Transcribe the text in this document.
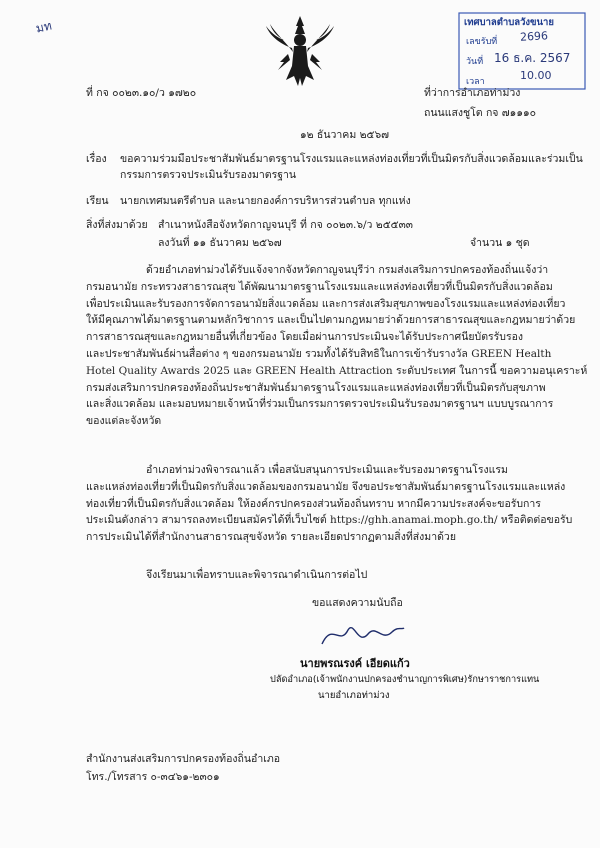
มท	เทศบาลตำบลวังขนาย
เลขรับที่ 2696
วันที่ 16 ธ.ค. 2567
เวลา	10.00
ที่ กจ ๐๐๒๓.๑๐/ว ๑๗๒๐	ที่ว่าการอำเภอท่าม่วง
ถนนแสงชูโต กจ ๗๑๑๑๐
๑๒ ธันวาคม ๒๕๖๗
เรื่อง ขอความร่วมมือประชาสัมพันธ์มาตรฐานโรงแรมและแหล่งท่องเที่ยวที่เป็นมิตรกับสิ่งแวดล้อมและร่วมเป็น
กรรมการตรวจประเมินรับรองมาตรฐาน
เรียน นายกเทศมนตรีตำบล และนายกองค์การบริหารส่วนตำบล ทุกแห่ง
สิ่งที่ส่งมาด้วย สำเนาหนังสือจังหวัดกาญจนบุรี ที่ กจ ๐๐๒๓.๖/ว ๒๕๕๓๓
ลงวันที่ ๑๑ ธันวาคม ๒๕๖๗	จำนวน ๑ ชุด
ด้วยอำเภอท่าม่วงได้รับแจ้งจากจังหวัดกาญจนบุรีว่า กรมส่งเสริมการปกครองท้องถิ่นแจ้งว่า
กรมอนามัย กระทรวงสาธารณสุข ได้พัฒนามาตรฐานโรงแรมและแหล่งท่องเที่ยวที่เป็นมิตรกับสิ่งแวดล้อม
เพื่อประเมินและรับรองการจัดการอนามัยสิ่งแวดล้อม และการส่งเสริมสุขภาพของโรงแรมและแหล่งท่องเที่ยว
ให้มีคุณภาพได้มาตรฐานตามหลักวิชาการ และเป็นไปตามกฎหมายว่าด้วยการสาธารณสุขและกฎหมายว่าด้วย
การสาธารณสุขและกฎหมายอื่นที่เกี่ยวข้อง โดยเมื่อผ่านการประเมินจะได้รับประกาศนียบัตรรับรอง
และประชาสัมพันธ์ผ่านสื่อต่าง ๆ ของกรมอนามัย รวมทั้งได้รับสิทธิในการเข้ารับรางวัล GREEN Health
Hotel Quality Awards 2025 และ GREEN Health Attraction ระดับประเทศ ในการนี้ ขอความอนุเคราะห์
กรมส่งเสริมการปกครองท้องถิ่นประชาสัมพันธ์มาตรฐานโรงแรมและแหล่งท่องเที่ยวที่เป็นมิตรกับสุขภาพ
และสิ่งแวดล้อม และมอบหมายเจ้าหน้าที่ร่วมเป็นกรรมการตรวจประเมินรับรองมาตรฐานฯ แบบบูรณาการ
ของแต่ละจังหวัด
อำเภอท่าม่วงพิจารณาแล้ว เพื่อสนับสนุนการประเมินและรับรองมาตรฐานโรงแรม
และแหล่งท่องเที่ยวที่เป็นมิตรกับสิ่งแวดล้อมของกรมอนามัย จึงขอประชาสัมพันธ์มาตรฐานโรงแรมและแหล่ง
ท่องเที่ยวที่เป็นมิตรกับสิ่งแวดล้อม ให้องค์กรปกครองส่วนท้องถิ่นทราบ หากมีความประสงค์จะขอรับการ
ประเมินดังกล่าว สามารถลงทะเบียนสมัครได้ที่เว็บไซต์ https://ghh.anamai.moph.go.th/ หรือติดต่อขอรับ
การประเมินได้ที่สำนักงานสาธารณสุขจังหวัด รายละเอียดปรากฏตามสิ่งที่ส่งมาด้วย
จึงเรียนมาเพื่อทราบและพิจารณาดำเนินการต่อไป
ขอแสดงความนับถือ
นายพรณรงค์ เอียดแก้ว
ปลัดอำเภอ(เจ้าพนักงานปกครองชำนาญการพิเศษ)รักษาราชการแทน
นายอำเภอท่าม่วง
สำนักงานส่งเสริมการปกครองท้องถิ่นอำเภอ
โทร./โทรสาร ๐-๓๔๖๑-๒๓๐๑
